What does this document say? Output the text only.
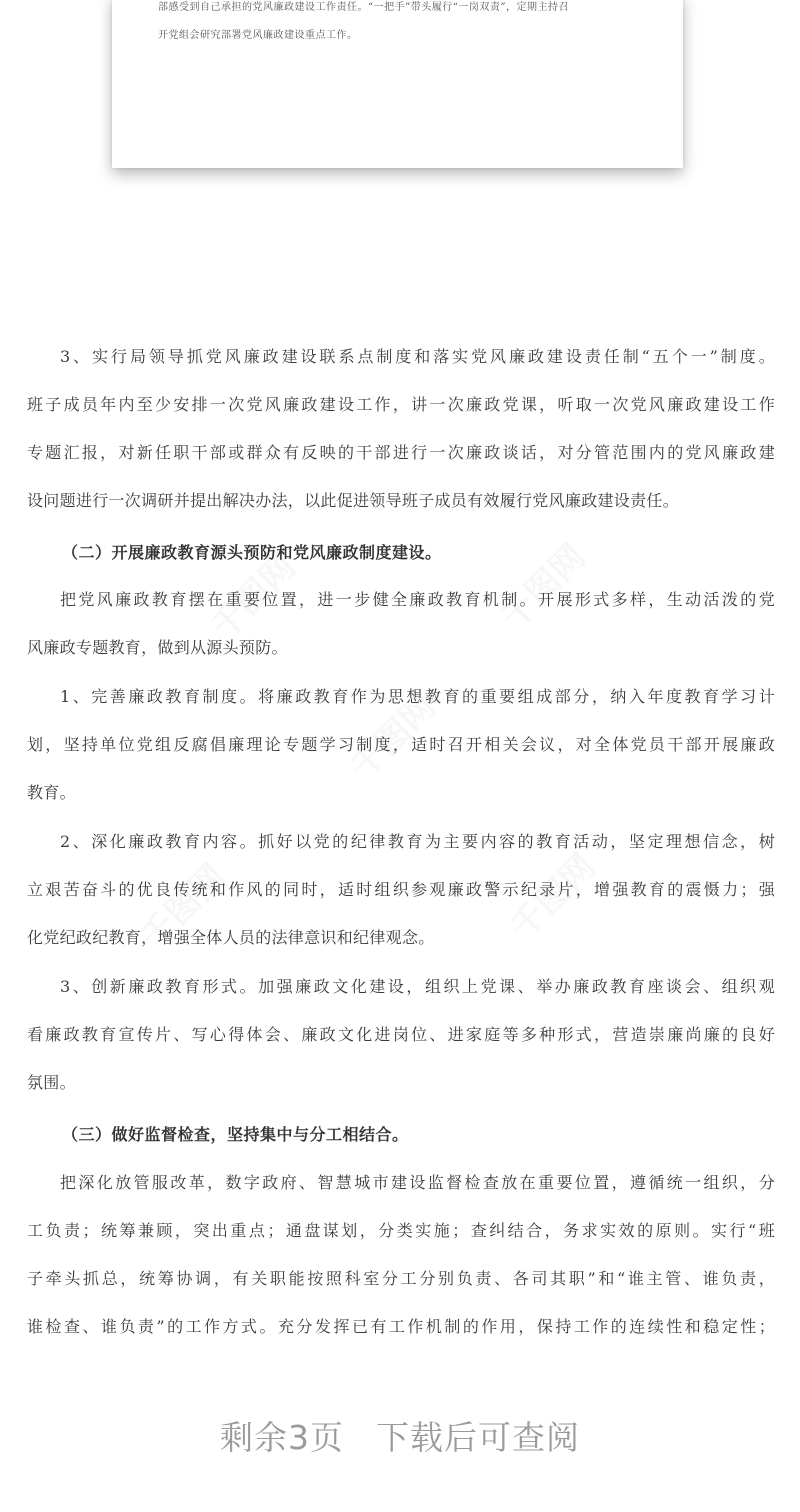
部感受到自己承担的党风廉政建设工作责任。“一把手”带头履行“一岗双责”，定期主持召
开党组会研究部署党风廉政建设重点工作。
3、实行局领导抓党风廉政建设联系点制度和落实党风廉政建设责任制“五个一”制度。
班子成员年内至少安排一次党风廉政建设工作，讲一次廉政党课，听取一次党风廉政建设工作
专题汇报，对新任职干部或群众有反映的干部进行一次廉政谈话，对分管范围内的党风廉政建
设问题进行一次调研并提出解决办法，以此促进领导班子成员有效履行党风廉政建设责任。
（二）开展廉政教育源头预防和党风廉政制度建设。
把党风廉政教育摆在重要位置，进一步健全廉政教育机制。开展形式多样，生动活泼的党
风廉政专题教育，做到从源头预防。
1、完善廉政教育制度。将廉政教育作为思想教育的重要组成部分，纳入年度教育学习计
划，坚持单位党组反腐倡廉理论专题学习制度，适时召开相关会议，对全体党员干部开展廉政
教育。
2、深化廉政教育内容。抓好以党的纪律教育为主要内容的教育活动，坚定理想信念，树
立艰苦奋斗的优良传统和作风的同时，适时组织参观廉政警示纪录片，增强教育的震慑力；强
化党纪政纪教育，增强全体人员的法律意识和纪律观念。
3、创新廉政教育形式。加强廉政文化建设，组织上党课、举办廉政教育座谈会、组织观
看廉政教育宣传片、写心得体会、廉政文化进岗位、进家庭等多种形式，营造崇廉尚廉的良好
氛围。
（三）做好监督检查，坚持集中与分工相结合。
把深化放管服改革，数字政府、智慧城市建设监督检查放在重要位置，遵循统一组织，分
工负责；统筹兼顾，突出重点；通盘谋划，分类实施；查纠结合，务求实效的原则。实行“班
子牵头抓总，统筹协调，有关职能按照科室分工分别负责、各司其职”和“谁主管、谁负责，
谁检查、谁负责”的工作方式。充分发挥已有工作机制的作用，保持工作的连续性和稳定性；
剩余3页 下载后可查阅
